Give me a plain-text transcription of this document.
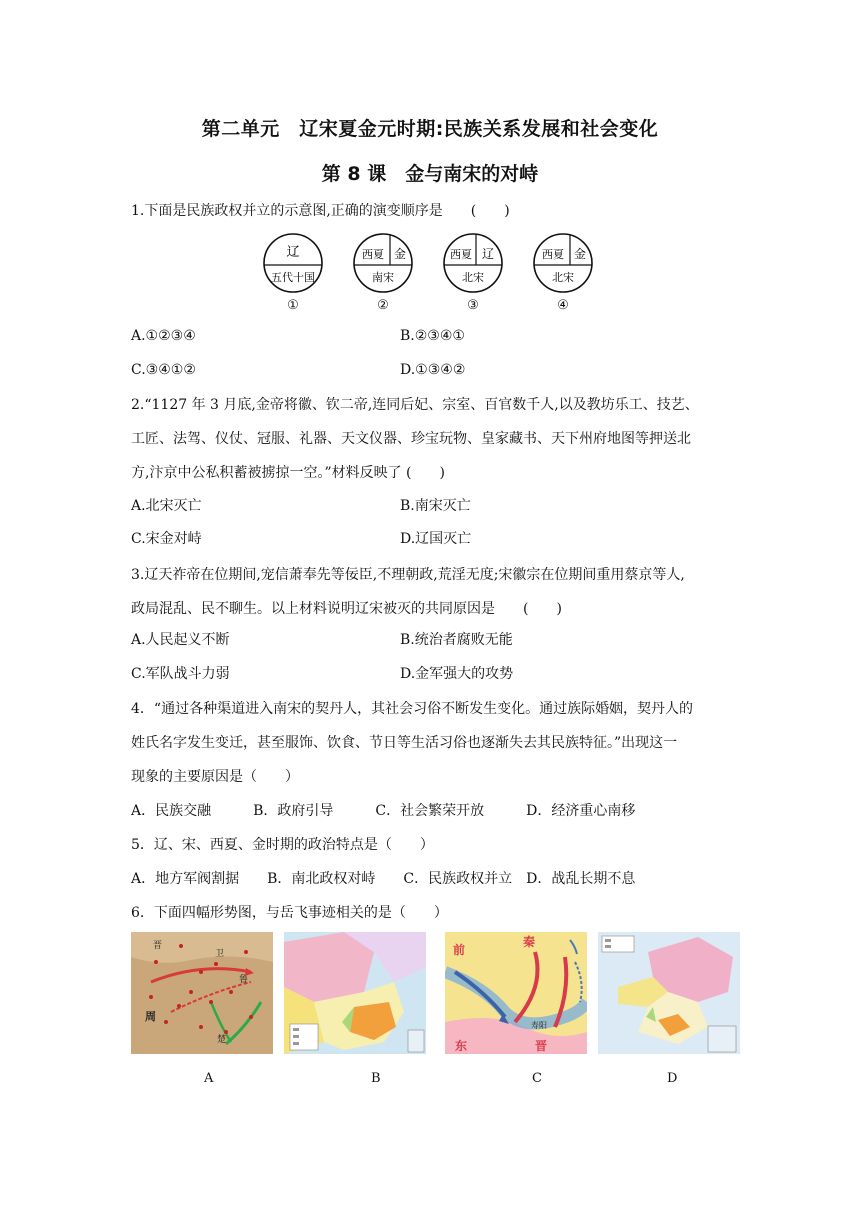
第二单元　辽宋夏金元时期:民族关系发展和社会变化
第 8 课　金与南宋的对峙
1.下面是民族政权并立的示意图,正确的演变顺序是　　(　　)
辽
五代十国
①
西夏 金
南宋
②
西夏 辽
北宋
③
西夏 金
北宋
④
A.①②③④	B.②③④①
C.③④①②	D.①③④②
2.“1127 年 3 月底,金帝将徽、钦二帝,连同后妃、宗室、百官数千人,以及教坊乐工、技艺、
工匠、法驾、仪仗、冠服、礼器、天文仪器、珍宝玩物、皇家藏书、天下州府地图等押送北
方,汴京中公私积蓄被掳掠一空。”材料反映了 (　　)
A.北宋灭亡	B.南宋灭亡
C.宋金对峙	D.辽国灭亡
3.辽天祚帝在位期间,宠信萧奉先等佞臣,不理朝政,荒淫无度;宋徽宗在位期间重用蔡京等人,
政局混乱、民不聊生。以上材料说明辽宋被灭的共同原因是　　(　　)
A.人民起义不断	B.统治者腐败无能
C.军队战斗力弱	D.金军强大的攻势
4．“通过各种渠道进入南宋的契丹人，其社会习俗不断发生变化。通过族际婚姻，契丹人的
姓氏名字发生变迁，甚至服饰、饮食、节日等生活习俗也逐渐失去其民族特征。”出现这一
现象的主要原因是（　　）
A．民族交融　　　B．政府引导　　　C．社会繁荣开放　　　D．经济重心南移
5．辽、宋、西夏、金时期的政治特点是（　　）
A．地方军阀割据　　B．南北政权对峙　　C．民族政权并立　D．战乱长期不息
6．下面四幅形势图，与岳飞事迹相关的是（　　）
晋
周
卫
鲁
楚
前
秦
东	晋
寿阳
A	B	C	D
